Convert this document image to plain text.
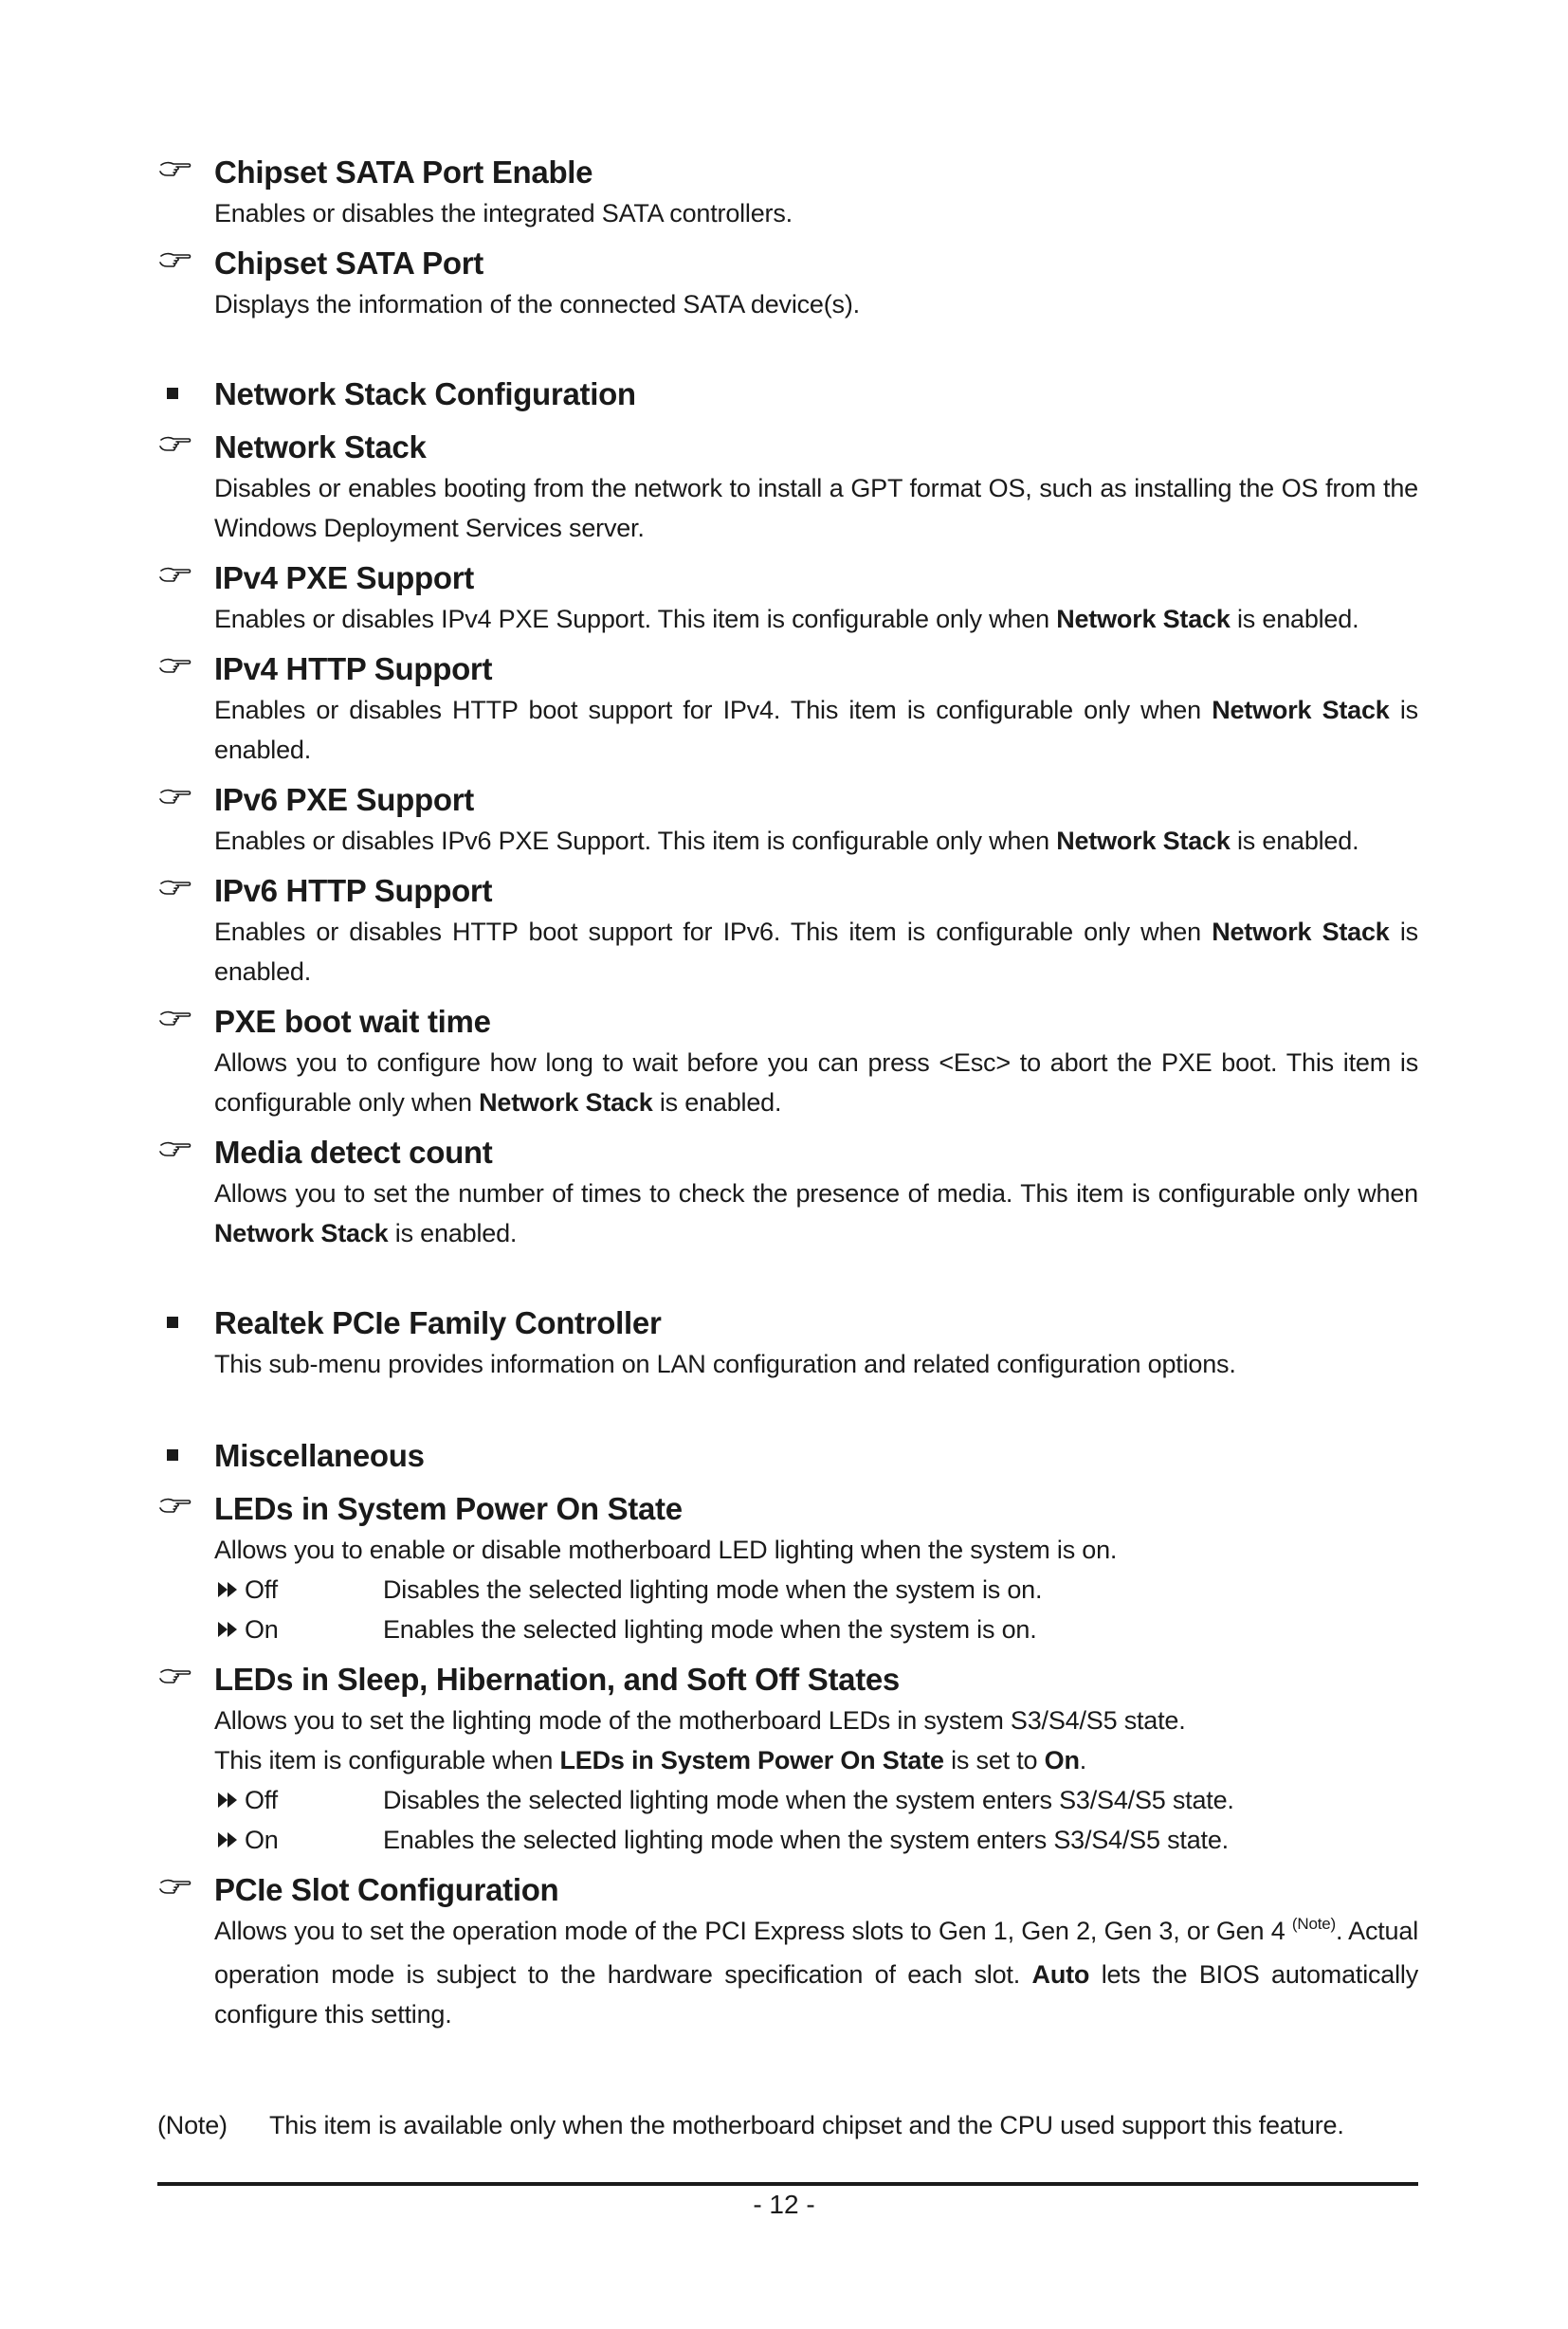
Chipset SATA Port Enable
Enables or disables the integrated SATA controllers.
Chipset SATA Port
Displays the information of the connected SATA device(s).
Network Stack Configuration
Network Stack
Disables or enables booting from the network to install a GPT format OS, such as installing the OS from the Windows Deployment Services server.
IPv4 PXE Support
Enables or disables IPv4 PXE Support. This item is configurable only when Network Stack is enabled.
IPv4 HTTP Support
Enables or disables HTTP boot support for IPv4. This item is configurable only when Network Stack is enabled.
IPv6 PXE Support
Enables or disables IPv6 PXE Support. This item is configurable only when Network Stack is enabled.
IPv6 HTTP Support
Enables or disables HTTP boot support for IPv6. This item is configurable only when Network Stack is enabled.
PXE boot wait time
Allows you to configure how long to wait before you can press <Esc> to abort the PXE boot. This item is configurable only when Network Stack is enabled.
Media detect count
Allows you to set the number of times to check the presence of media. This item is configurable only when Network Stack is enabled.
Realtek PCIe Family Controller
This sub-menu provides information on LAN configuration and related configuration options.
Miscellaneous
LEDs in System Power On State
Allows you to enable or disable motherboard LED lighting when the system is on.
Off	Disables the selected lighting mode when the system is on.
On	Enables the selected lighting mode when the system is on.
LEDs in Sleep, Hibernation, and Soft Off States
Allows you to set the lighting mode of the motherboard LEDs in system S3/S4/S5 state.
This item is configurable when LEDs in System Power On State is set to On.
Off	Disables the selected lighting mode when the system enters S3/S4/S5 state.
On	Enables the selected lighting mode when the system enters S3/S4/S5 state.
PCIe Slot Configuration
Allows you to set the operation mode of the PCI Express slots to Gen 1, Gen 2, Gen 3, or Gen 4 $^{(Note)}$. Actual operation mode is subject to the hardware specification of each slot. Auto lets the BIOS automatically configure this setting.
(Note) This item is available only when the motherboard chipset and the CPU used support this feature.
- 12 -
